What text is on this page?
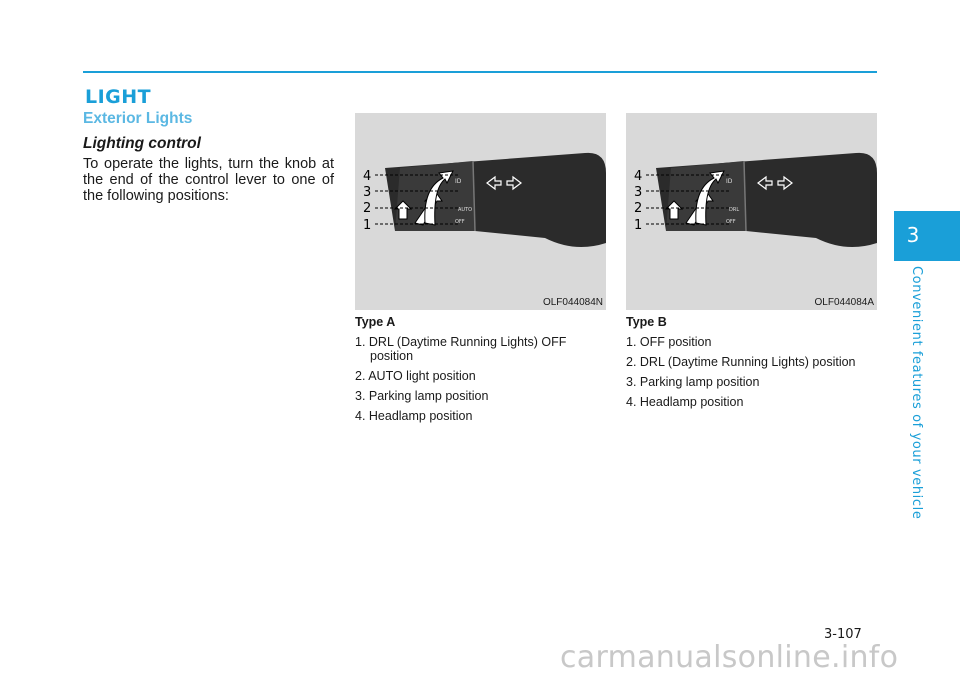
LIGHT
Exterior Lights
Lighting control

To operate the lights, turn the knob at the end of the control lever to one of the following positions:

ID
AUTO
OFF
4
3
2
1
OLF044084N
ID
DRL
OFF
4
3
2
1
OLF044084A
Type A
1. DRL (Daytime Running Lights) OFF position
2. AUTO light position
3. Parking lamp position
4. Headlamp position
Type B
1. OFF position
2. DRL (Daytime Running Lights) position
3. Parking lamp position
4. Headlamp position
3
Convenient features of your vehicle
3-107
carmanualsonline.info
